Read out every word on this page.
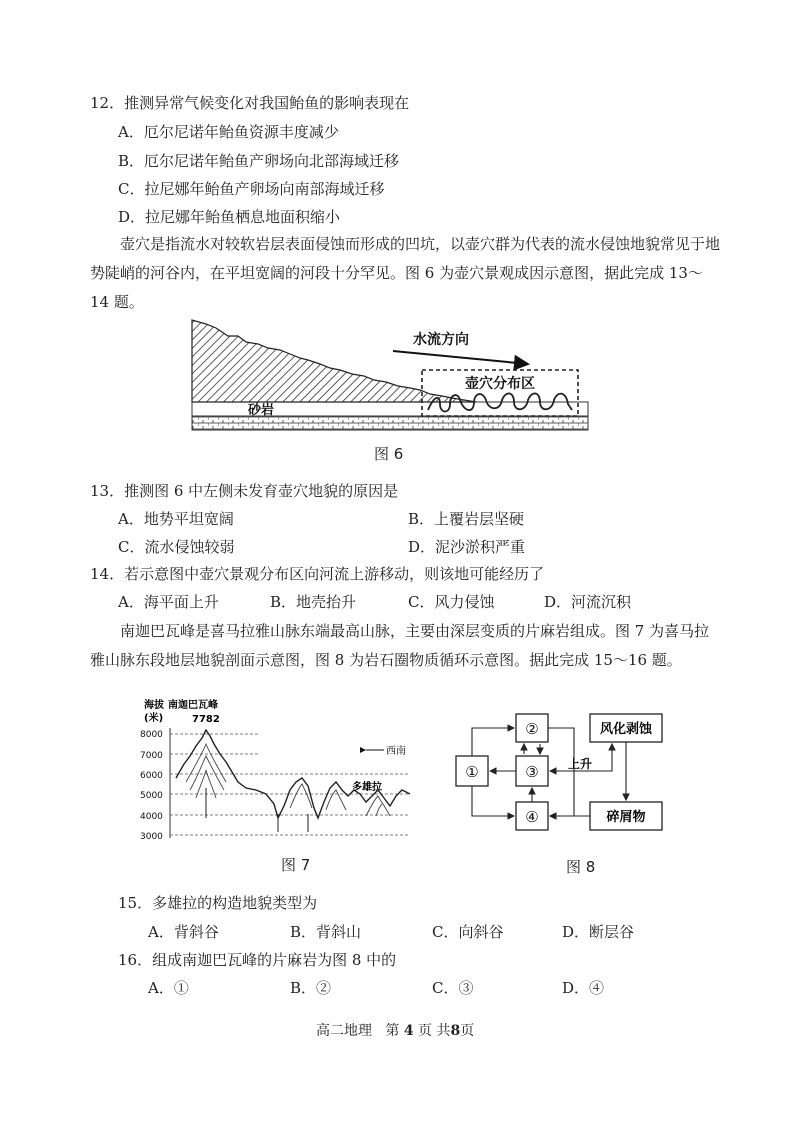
12．推测异常气候变化对我国鲐鱼的影响表现在
A．厄尔尼诺年鲐鱼资源丰度减少
B．厄尔尼诺年鲐鱼产卵场向北部海域迁移
C．拉尼娜年鲐鱼产卵场向南部海域迁移
D．拉尼娜年鲐鱼栖息地面积缩小
壶穴是指流水对较软岩层表面侵蚀而形成的凹坑，以壶穴群为代表的流水侵蚀地貌常见于地势陡峭的河谷内，在平坦宽阔的河段十分罕见。图 6 为壶穴景观成因示意图，据此完成 13～14 题。
水流方向
壶穴分布区
砂岩
图 6
13．推测图 6 中左侧未发育壶穴地貌的原因是
A．地势平坦宽阔	B．上覆岩层坚硬
C．流水侵蚀较弱	D．泥沙淤积严重
14．若示意图中壶穴景观分布区向河流上游移动，则该地可能经历了
A．海平面上升	B．地壳抬升	C．风力侵蚀	D．河流沉积
南迦巴瓦峰是喜马拉雅山脉东端最高山脉，主要由深层变质的片麻岩组成。图 7 为喜马拉雅山脉东段地层地貌剖面示意图，图 8 为岩石圈物质循环示意图。据此完成 15～16 题。
海拔
(米)
南迦巴瓦峰
7782
8000
7000
6000
5000
4000
3000
西南
多雄拉
图 7
①
②
③
④
风化剥蚀
碎屑物
上升
图 8
15．多雄拉的构造地貌类型为
A．背斜谷	B．背斜山	C．向斜谷	D．断层谷
16．组成南迦巴瓦峰的片麻岩为图 8 中的
A．①	B．②	C．③	D．④
高二地理 第 4 页 共8页
